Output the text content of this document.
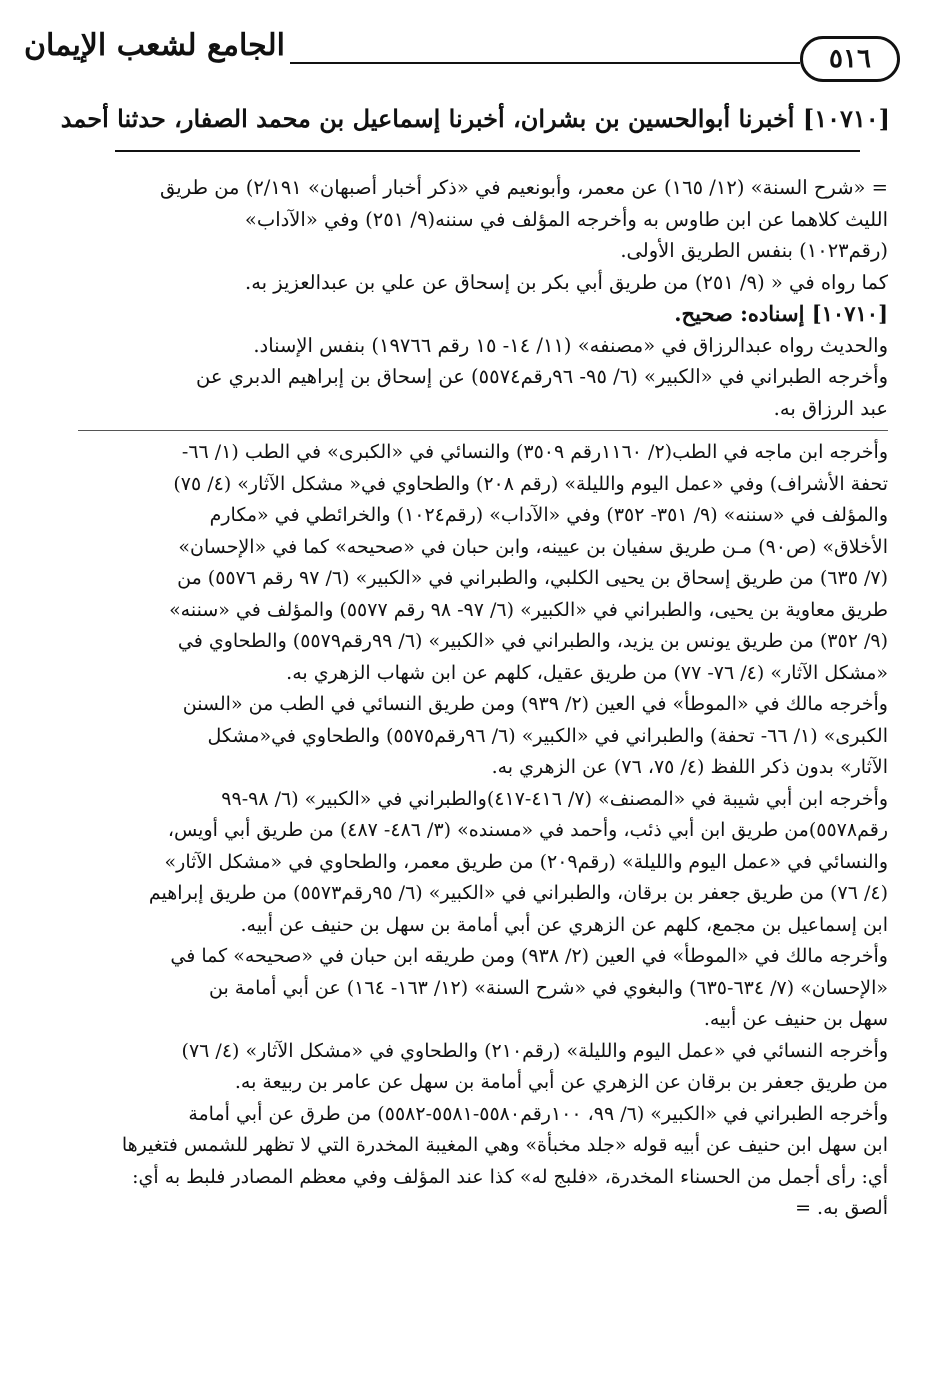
٥١٦
الجامع لشعب الإيمان
[١٠٧١٠] أخبرنا أبوالحسين بن بشران، أخبرنا إسماعيل بن محمد الصفار، حدثنا أحمد
= «شرح السنة» (١٢/ ١٦٥) عن معمر، وأبونعيم في «ذكر أخبار أصبهان» ٢/١٩١) من طريق
الليث كلاهما عن ابن طاوس به وأخرجه المؤلف في سننه(٩/ ٢٥١) وفي «الآداب»
(رقم١٠٢٣) بنفس الطريق الأولى.
كما رواه في « (٩/ ٢٥١) من طريق أبي بكر بن إسحاق عن علي بن عبدالعزيز به.
[١٠٧١٠] إسناده: صحيح.
والحديث رواه عبدالرزاق في «مصنفه» (١١/ ١٤- ١٥ رقم ١٩٧٦٦) بنفس الإسناد.
وأخرجه الطبراني في «الكبير» (٦/ ٩٥- ٩٦رقم٥٥٧٤) عن إسحاق بن إبراهيم الدبري عن
عبد الرزاق به.
وأخرجه ابن ماجه في الطب(٢/ ١١٦٠رقم ٣٥٠٩) والنسائي في «الكبرى» في الطب (١/ ٦٦-
تحفة الأشراف) وفي «عمل اليوم والليلة» (رقم ٢٠٨) والطحاوي في« مشكل الآثار» (٤/ ٧٥)
والمؤلف في «سننه» (٩/ ٣٥١- ٣٥٢) وفي «الآداب» (رقم١٠٢٤) والخرائطي في «مكارم
الأخلاق» (ص٩٠) مـن طريق سفيان بن عيينه، وابن حبان في «صحيحه» كما في «الإحسان»
(٧/ ٦٣٥) من طريق إسحاق بن يحيى الكلبي، والطبراني في «الكبير» (٦/ ٩٧ رقم ٥٥٧٦) من
طريق معاوية بن يحيى، والطبراني في «الكبير» (٦/ ٩٧- ٩٨ رقم ٥٥٧٧) والمؤلف في «سننه»
(٩/ ٣٥٢) من طريق يونس بن يزيد، والطبراني في «الكبير» (٦/ ٩٩رقم٥٥٧٩) والطحاوي في
«مشكل الآثار» (٤/ ٧٦- ٧٧) من طريق عقيل، كلهم عن ابن شهاب الزهري به.
وأخرجه مالك في «الموطأ» في العين (٢/ ٩٣٩) ومن طريق النسائي في الطب من «السنن
الكبرى» (١/ ٦٦- تحفة) والطبراني في «الكبير» (٦/ ٩٦رقم٥٥٧٥) والطحاوي في«مشكل
الآثار» بدون ذكر اللفظ (٤/ ٧٥، ٧٦) عن الزهري به.
وأخرجه ابن أبي شيبة في «المصنف» (٧/ ٤١٦-٤١٧)والطبراني في «الكبير» (٦/ ٩٨-٩٩
رقم٥٥٧٨)من طريق ابن أبي ذئب، وأحمد في «مسنده» (٣/ ٤٨٦- ٤٨٧) من طريق أبي أويس،
والنسائي في «عمل اليوم والليلة» (رقم٢٠٩) من طريق معمر، والطحاوي في «مشكل الآثار»
(٤/ ٧٦) من طريق جعفر بن برقان، والطبراني في «الكبير» (٦/ ٩٥رقم٥٥٧٣) من طريق إبراهيم
ابن إسماعيل بن مجمع، كلهم عن الزهري عن أبي أمامة بن سهل بن حنيف عن أبيه.
وأخرجه مالك في «الموطأ» في العين (٢/ ٩٣٨) ومن طريقه ابن حبان في «صحيحه» كما في
«الإحسان» (٧/ ٦٣٤-٦٣٥) والبغوي في «شرح السنة» (١٢/ ١٦٣- ١٦٤) عن أبي أمامة بن
سهل بن حنيف عن أبيه.
وأخرجه النسائي في «عمل اليوم والليلة» (رقم٢١٠) والطحاوي في «مشكل الآثار» (٤/ ٧٦)
من طريق جعفر بن برقان عن الزهري عن أبي أمامة بن سهل عن عامر بن ربيعة به.
وأخرجه الطبراني في «الكبير» (٦/ ٩٩، ١٠٠رقم٥٥٨٠-٥٥٨١-٥٥٨٢) من طرق عن أبي أمامة
ابن سهل ابن حنيف عن أبيه قوله «جلد مخبأة» وهي المغيبة المخدرة التي لا تظهر للشمس فتغيرها
أي: رأى أجمل من الحسناء المخدرة، «فلبج له» كذا عند المؤلف وفي معظم المصادر فلبط به أي:
ألصق به. =
